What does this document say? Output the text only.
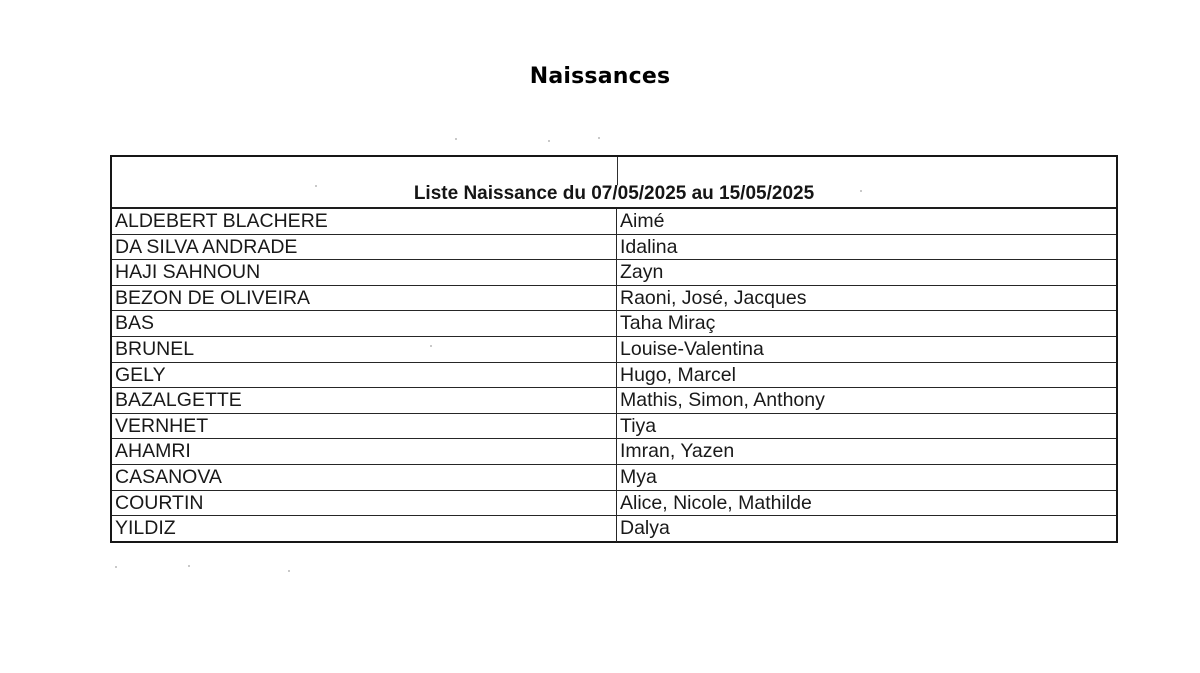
Naissances
Liste Naissance du 07/05/2025 au 15/05/2025
ALDEBERT BLACHERE	Aimé
DA SILVA ANDRADE	Idalina
HAJI SAHNOUN	Zayn
BEZON DE OLIVEIRA	Raoni, José, Jacques
BAS	Taha Miraç
BRUNEL	Louise-Valentina
GELY	Hugo, Marcel
BAZALGETTE	Mathis, Simon, Anthony
VERNHET	Tiya
AHAMRI	Imran, Yazen
CASANOVA	Mya
COURTIN	Alice, Nicole, Mathilde
YILDIZ	Dalya
